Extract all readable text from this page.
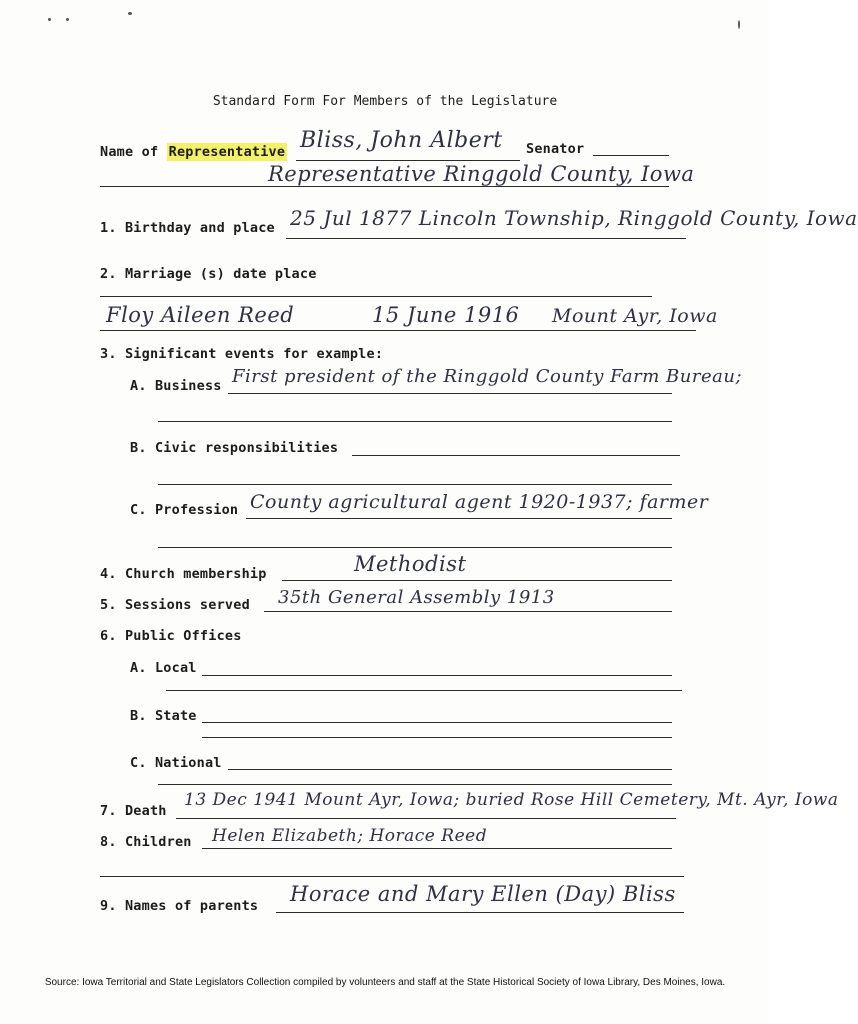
Standard Form For Members of the Legislature
Name of Representative Bliss, John Albert Senator
Representative Ringgold County, Iowa
1. Birthday and place 25 Jul 1877 Lincoln Township, Ringgold County, Iowa
2. Marriage (s) date place
Floy Aileen Reed	15 June 1916 Mount Ayr, Iowa
3. Significant events for example:
A. Business First president of the Ringgold County Farm Bureau;
B. Civic responsibilities
C. Profession County agricultural agent 1920-1937; farmer
4. Church membership	Methodist
5. Sessions served 35th General Assembly 1913
6. Public Offices
A. Local
B. State
C. National
7. Death
13 Dec 1941 Mount Ayr, Iowa; buried Rose Hill Cemetery, Mt. Ayr, Iowa
8. Children Helen Elizabeth; Horace Reed
9. Names of parents Horace and Mary Ellen (Day) Bliss
Source: Iowa Territorial and State Legislators Collection compiled by volunteers and staff at the State Historical Society of Iowa Library, Des Moines, Iowa.
